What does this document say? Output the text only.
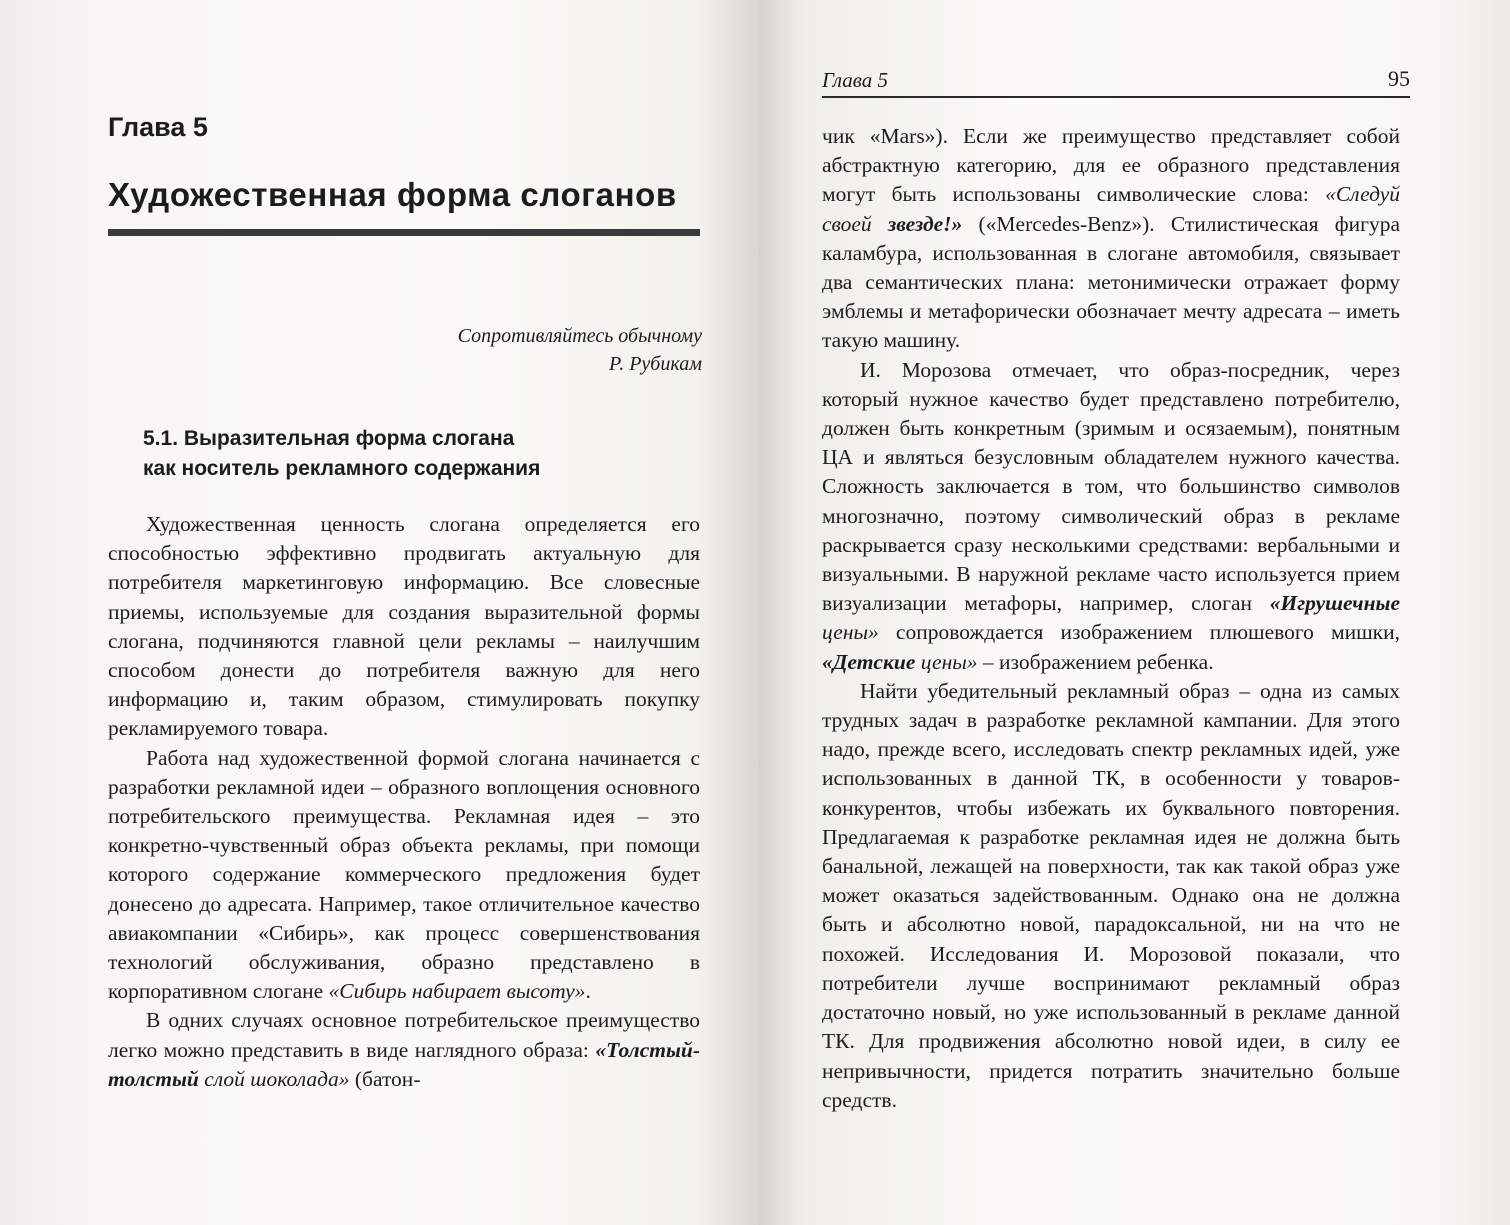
Глава 5
Художественная форма слоганов

Сопротивляйтесь обычному

Р. Рубикам

5.1. Выразительная форма слогана
как носитель рекламного содержания

Художественная ценность слогана определяется его способностью эффективно продвигать актуальную для потребителя маркетинговую информацию. Все словесные приемы, используемые для создания выразительной формы слогана, подчиняются главной цели рекламы – наилучшим способом донести до потребителя важную для него информацию и, таким образом, стимулировать покупку рекламируемого товара.

Работа над художественной формой слогана начинается с разработки рекламной идеи – образного воплощения основного потребительского преимущества. Рекламная идея – это конкретно-чувственный образ объекта рекламы, при помощи которого содержание коммерческого предложения будет донесено до адресата. Например, такое отличительное качество авиакомпании «Сибирь», как процесс совершенствования технологий обслуживания, образно представлено в корпоративном слогане «Сибирь набирает высоту».

В одних случаях основное потребительское преимущество легко можно представить в виде наглядного образа: «Толстый-толстый слой шоколада» (батон-

Глава 5	95

чик «Mars»). Если же преимущество представляет собой абстрактную категорию, для ее образного представления могут быть использованы символические слова: «Следуй своей звезде!» («Mercedes-Benz»). Стилистическая фигура каламбура, использованная в слогане автомобиля, связывает два семантических плана: метонимически отражает форму эмблемы и метафорически обозначает мечту адресата – иметь такую машину.

И. Морозова отмечает, что образ-посредник, через который нужное качество будет представлено потребителю, должен быть конкретным (зримым и осязаемым), понятным ЦА и являться безусловным обладателем нужного качества. Сложность заключается в том, что большинство символов многозначно, поэтому символический образ в рекламе раскрывается сразу несколькими средствами: вербальными и визуальными. В наружной рекламе часто используется прием визуализации метафоры, например, слоган «Игрушечные цены» сопровождается изображением плюшевого мишки, «Детские цены» – изображением ребенка.

Найти убедительный рекламный образ – одна из самых трудных задач в разработке рекламной кампании. Для этого надо, прежде всего, исследовать спектр рекламных идей, уже использованных в данной ТК, в особенности у товаров-конкурентов, чтобы избежать их буквального повторения. Предлагаемая к разработке рекламная идея не должна быть банальной, лежащей на поверхности, так как такой образ уже может оказаться задействованным. Однако она не должна быть и абсолютно новой, парадоксальной, ни на что не похожей. Исследования И. Морозовой показали, что потребители лучше воспринимают рекламный образ достаточно новый, но уже использованный в рекламе данной ТК. Для продвижения абсолютно новой идеи, в силу ее непривычности, придется потратить значительно больше средств.
